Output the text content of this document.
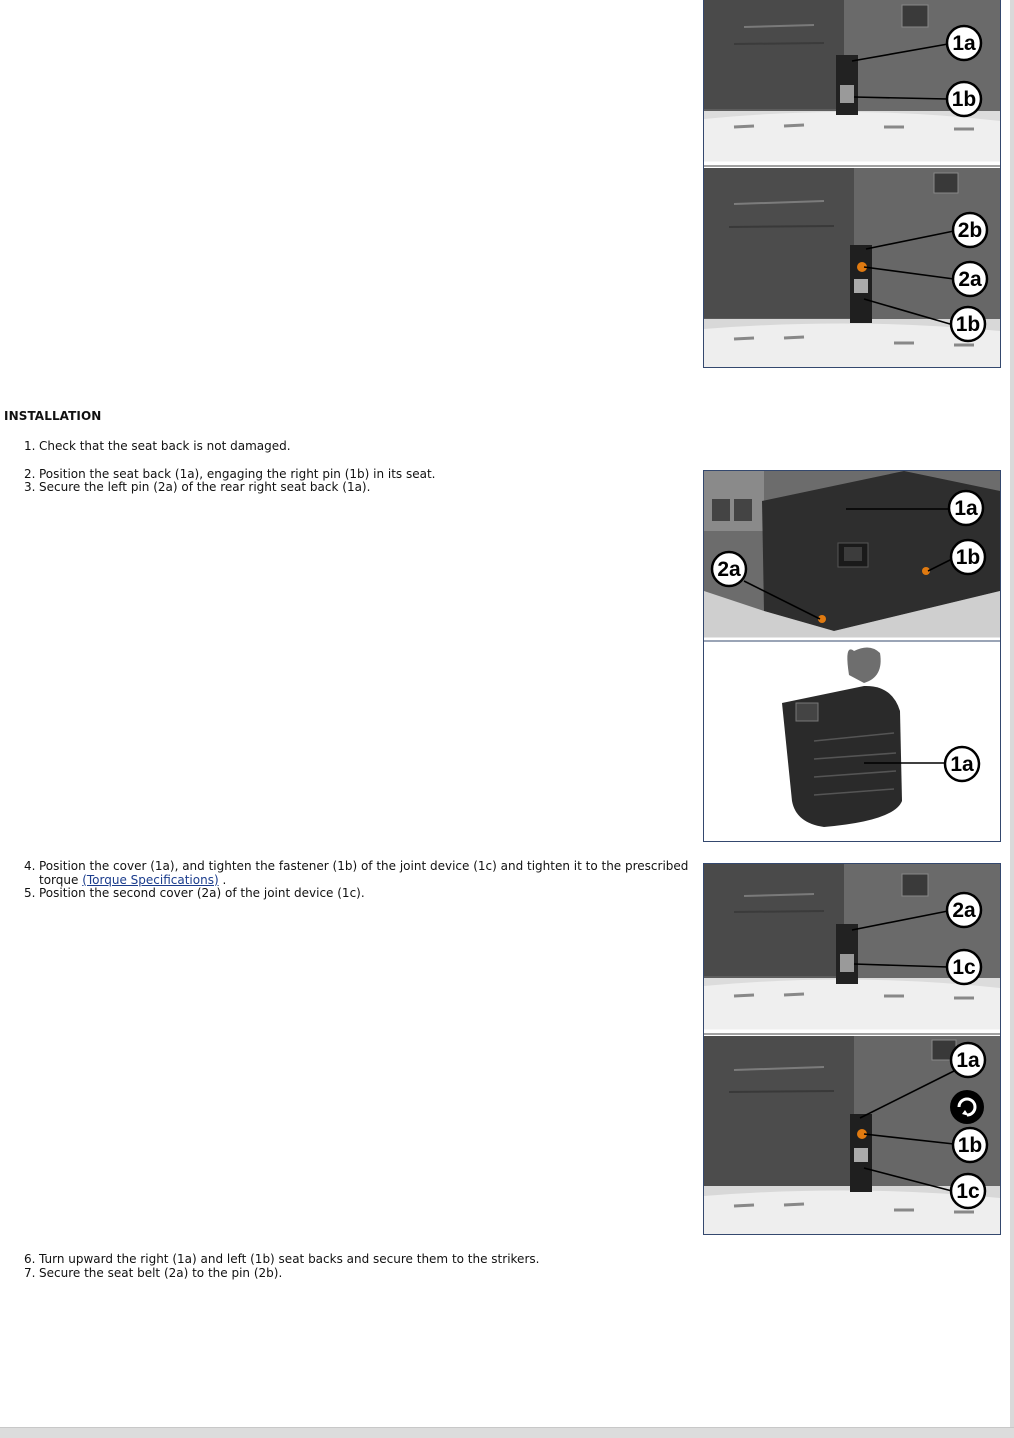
1a
1b
2b
2a
1b
INSTALLATION
1. Check that the seat back is not damaged.
2. Position the seat back (1a), engaging the right pin (1b) in its seat.
3. Secure the left pin (2a) of the rear right seat back (1a).
1a
2a
1b
1a
4. Position the cover (1a), and tighten the fastener (1b) of the joint device (1c) and tighten it to the prescribed torque (Torque Specifications) .
5. Position the second cover (2a) of the joint device (1c).
2a
1c
1a
1b
1c
6. Turn upward the right (1a) and left (1b) seat backs and secure them to the strikers.
7. Secure the seat belt (2a) to the pin (2b).
